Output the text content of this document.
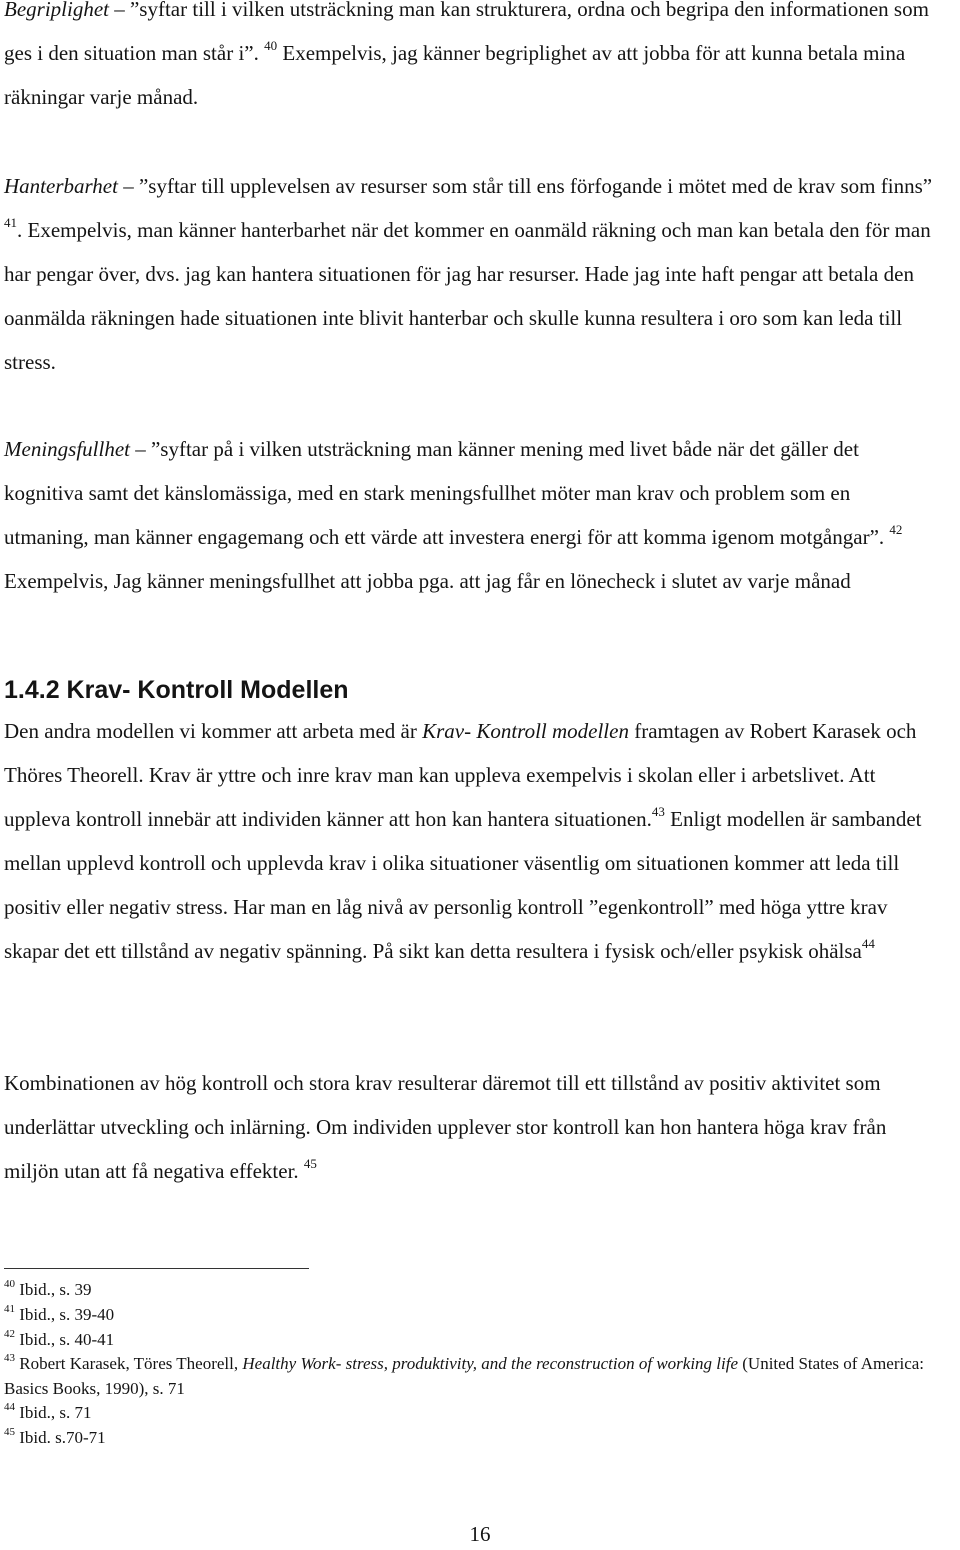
Begriplighet – ”syftar till i vilken utsträckning man kan strukturera, ordna och begripa den informationen som ges i den situation man står i”. $^{40}$ Exempelvis, jag känner begriplighet av att jobba för att kunna betala mina räkningar varje månad.

Hanterbarhet – ”syftar till upplevelsen av resurser som står till ens förfogande i mötet med de krav som finns” $^{41}$. Exempelvis, man känner hanterbarhet när det kommer en oanmäld räkning och man kan betala den för man har pengar över, dvs. jag kan hantera situationen för jag har resurser. Hade jag inte haft pengar att betala den oanmälda räkningen hade situationen inte blivit hanterbar och skulle kunna resultera i oro som kan leda till stress.

Meningsfullhet – ”syftar på i vilken utsträckning man känner mening med livet både när det gäller det kognitiva samt det känslomässiga, med en stark meningsfullhet möter man krav och problem som en utmaning, man känner engagemang och ett värde att investera energi för att komma igenom motgångar”. $^{42}$ Exempelvis, Jag känner meningsfullhet att jobba pga. att jag får en lönecheck i slutet av varje månad

Den andra modellen vi kommer att arbeta med är Krav- Kontroll modellen framtagen av Robert Karasek och Thöres Theorell. Krav är yttre och inre krav man kan uppleva exempelvis i skolan eller i arbetslivet. Att uppleva kontroll innebär att individen känner att hon kan hantera situationen.$^{43}$ Enligt modellen är sambandet mellan upplevd kontroll och upplevda krav i olika situationer väsentlig om situationen kommer att leda till positiv eller negativ stress. Har man en låg nivå av personlig kontroll ”egenkontroll” med höga yttre krav skapar det ett tillstånd av negativ spänning. På sikt kan detta resultera i fysisk och/eller psykisk ohälsa$^{44}$

Kombinationen av hög kontroll och stora krav resulterar däremot till ett tillstånd av positiv aktivitet som underlättar utveckling och inlärning. Om individen upplever stor kontroll kan hon hantera höga krav från miljön utan att få negativa effekter. $^{45}$

1.4.2 Krav- Kontroll Modellen

$^{40}$ Ibid., s. 39

$^{41}$ Ibid., s. 39-40

$^{42}$ Ibid., s. 40-41

$^{43}$ Robert Karasek, Töres Theorell, Healthy Work- stress, produktivity, and the reconstruction of working life (United States of America: Basics Books, 1990), s. 71

$^{44}$ Ibid., s. 71

$^{45}$ Ibid. s.70-71

16
